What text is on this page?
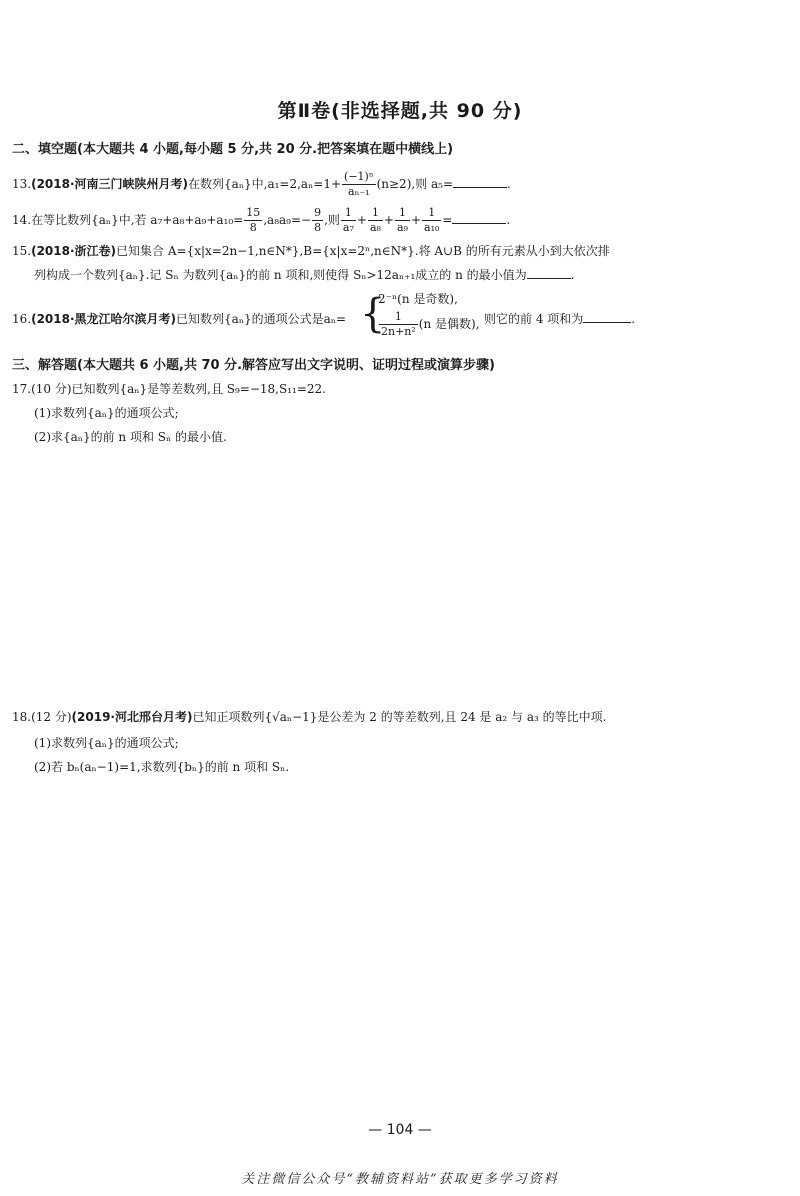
第Ⅱ卷(非选择题,共 90 分)
二、填空题(本大题共 4 小题,每小题 5 分,共 20 分.把答案填在题中横线上)
13.(2018·河南三门峡陕州月考)在数列{aₙ}中$,a_1=2,a_n=1+ \frac{\text{(−1)ⁿ}}{\text{aₙ₋₁}} (n\ge 2)$,则 a₅=	.
14.在等比数列{aₙ}中,若 $a_7+a_8+a_9+a_{10}= \frac{15}{8} ,a_8a_9=- \frac{9}{8}$ ,则 $\frac{1}{\text{a₇}} + \frac{1}{\text{a₈}} + \frac{1}{\text{a₉}} + \frac{1}{\text{a₁₀}}$ =	.
15.(2018·浙江卷)已知集合 A={x|x=2n−1,n∈N*},B={x|x=2ⁿ,n∈N*}.将 A∪B 的所有元素从小到大依次排
列构成一个数列{aₙ}.记 Sₙ 为数列{aₙ}的前 n 项和,则使得 Sₙ>12aₙ₊₁成立的 n 的最小值为	.
16.(2018·黑龙江哈尔滨月考)已知数列{aₙ}的通项公式是aₙ= {
2⁻ⁿ(n 是奇数),
$\frac{1}{\text{2n+n²}} (n$ 是偶数), 则它的前 4 项和为	.
三、解答题(本大题共 6 小题,共 70 分.解答应写出文字说明、证明过程或演算步骤)
17.(10 分)已知数列{aₙ}是等差数列,且 S₉=−18,S₁₁=22.
(1)求数列{aₙ}的通项公式;
(2)求{aₙ}的前 n 项和 Sₙ 的最小值.
18.(12 分)(2019·河北邢台月考)已知正项数列{√aₙ−1}是公差为 2 的等差数列,且 24 是 a₂ 与 a₃ 的等比中项.
(1)求数列{aₙ}的通项公式;
(2)若 bₙ(aₙ−1)=1,求数列{bₙ}的前 n 项和 Sₙ.
— 104 —
关注微信公众号“教辅资料站”获取更多学习资料
